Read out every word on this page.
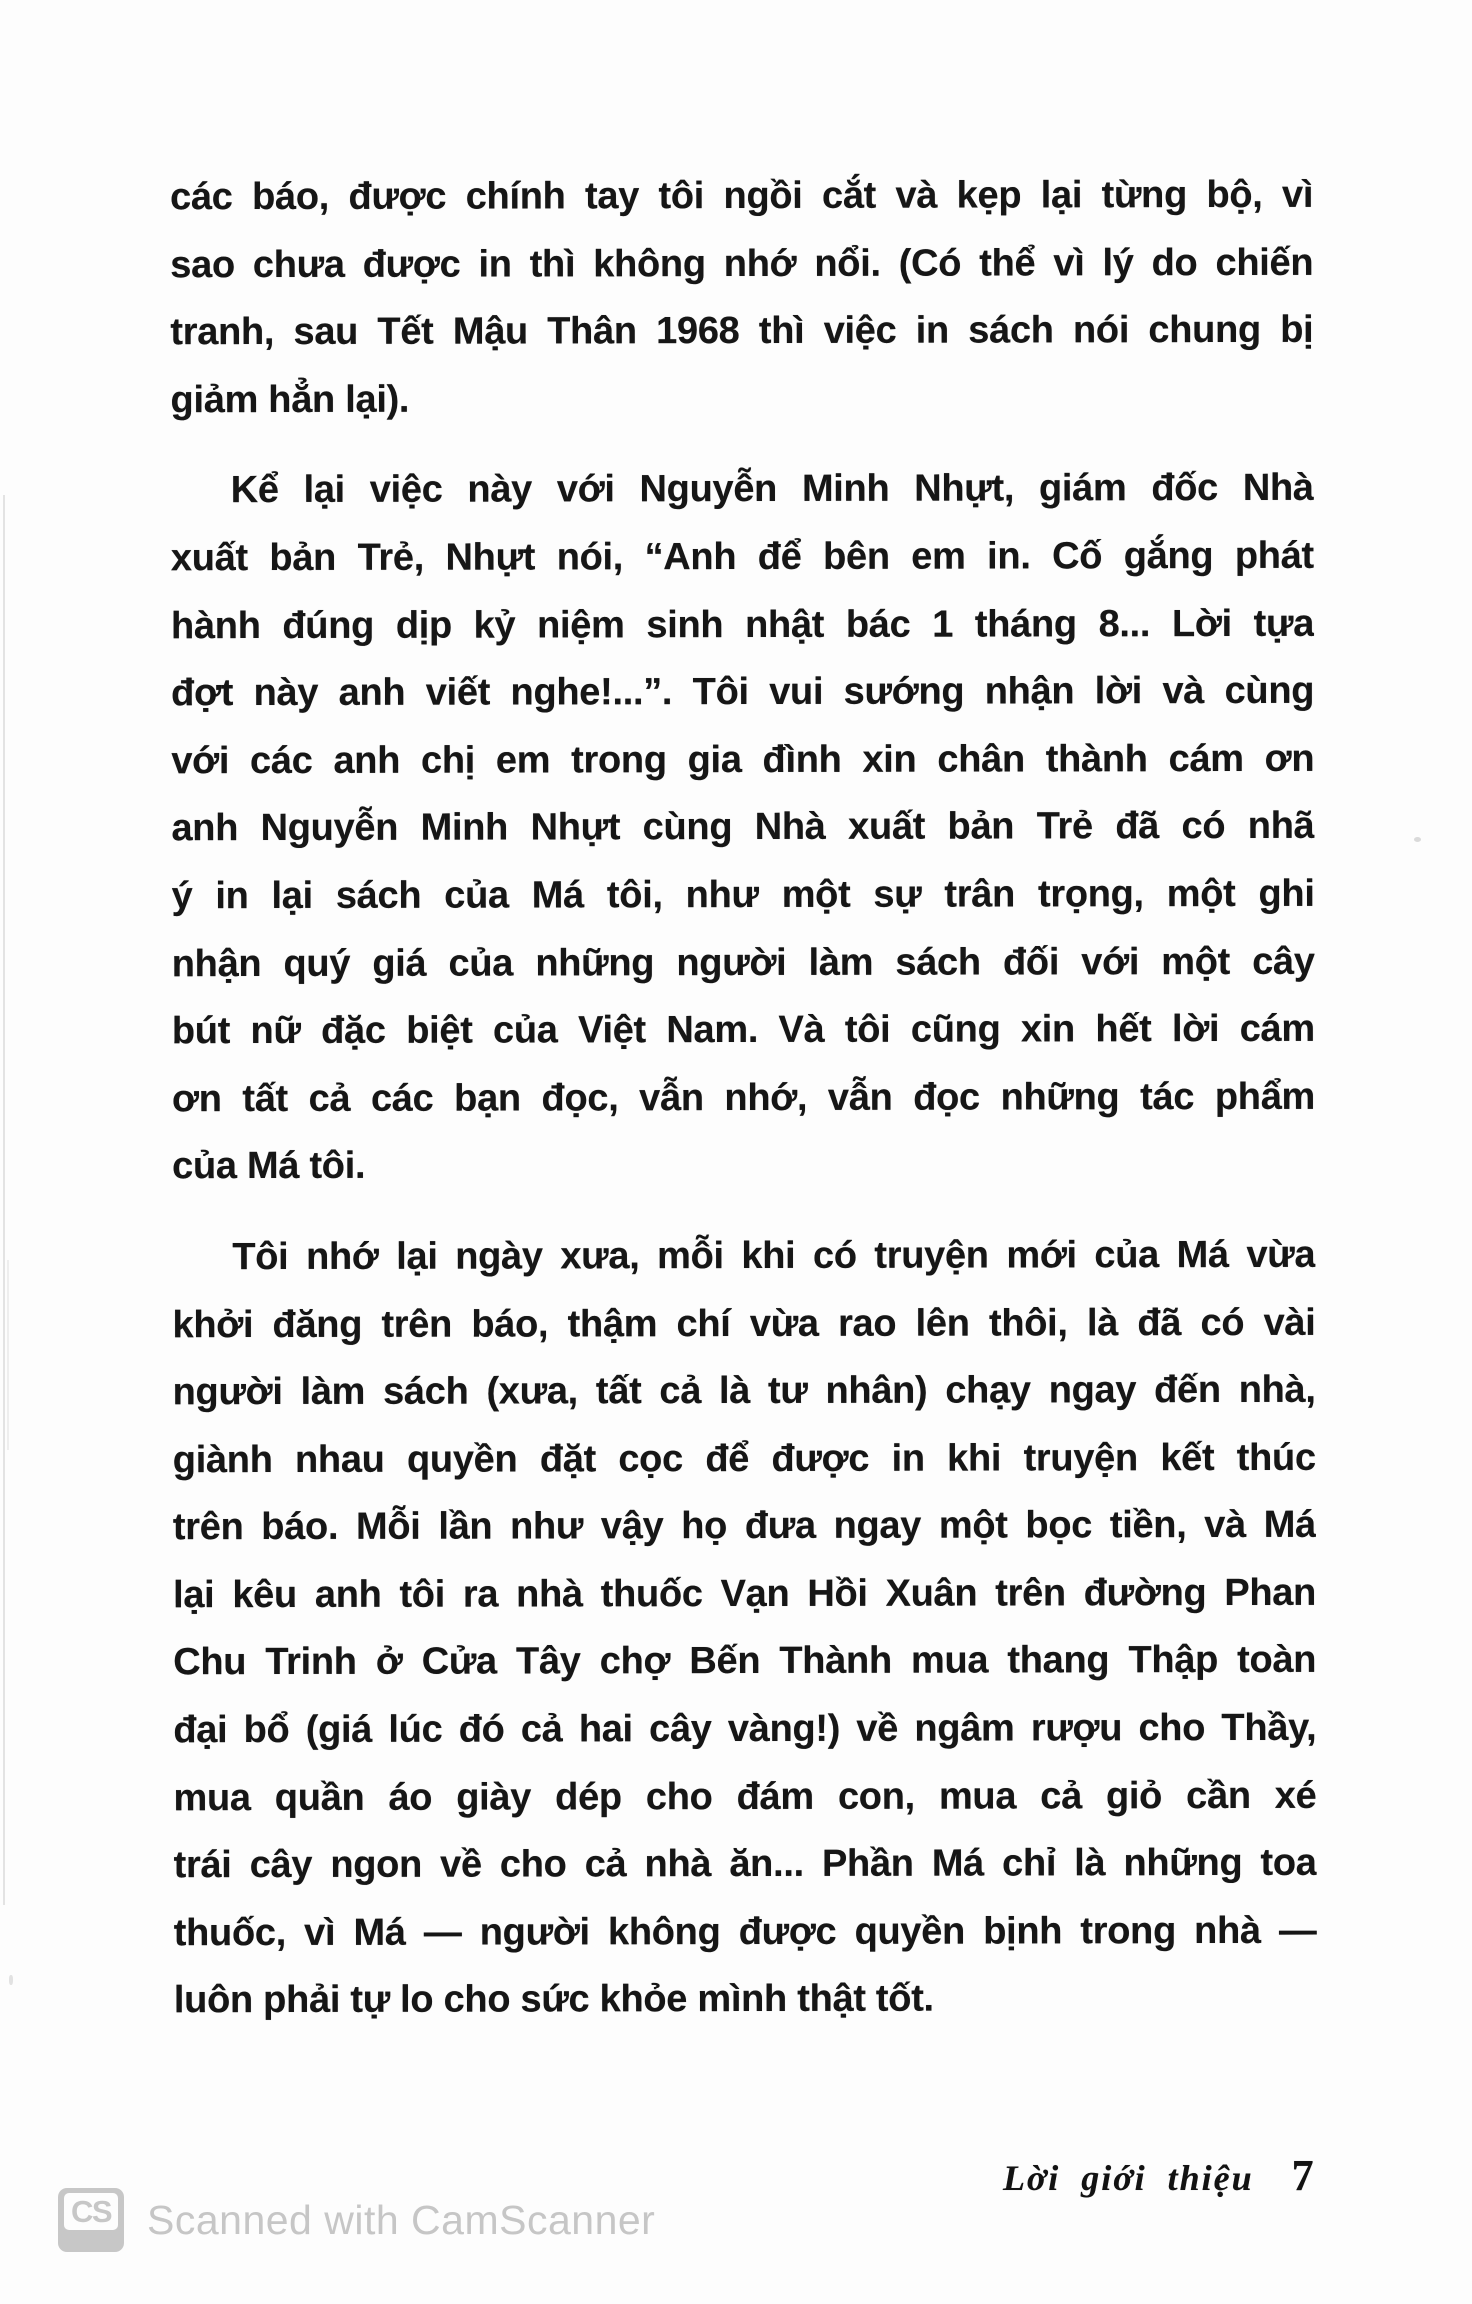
các báo, được chính tay tôi ngồi cắt và kẹp lại từng bộ, vì
sao chưa được in thì không nhớ nổi. (Có thể vì lý do chiến
tranh, sau Tết Mậu Thân 1968 thì việc in sách nói chung bị
giảm hẳn lại).
Kể lại việc này với Nguyễn Minh Nhựt, giám đốc Nhà
xuất bản Trẻ, Nhựt nói, “Anh để bên em in. Cố gắng phát
hành đúng dịp kỷ niệm sinh nhật bác 1 tháng 8... Lời tựa
đợt này anh viết nghe!...”. Tôi vui sướng nhận lời và cùng
với các anh chị em trong gia đình xin chân thành cám ơn
anh Nguyễn Minh Nhựt cùng Nhà xuất bản Trẻ đã có nhã
ý in lại sách của Má tôi, như một sự trân trọng, một ghi
nhận quý giá của những người làm sách đối với một cây
bút nữ đặc biệt của Việt Nam. Và tôi cũng xin hết lời cám
ơn tất cả các bạn đọc, vẫn nhớ, vẫn đọc những tác phẩm
của Má tôi.
Tôi nhớ lại ngày xưa, mỗi khi có truyện mới của Má vừa
khởi đăng trên báo, thậm chí vừa rao lên thôi, là đã có vài
người làm sách (xưa, tất cả là tư nhân) chạy ngay đến nhà,
giành nhau quyền đặt cọc để được in khi truyện kết thúc
trên báo. Mỗi lần như vậy họ đưa ngay một bọc tiền, và Má
lại kêu anh tôi ra nhà thuốc Vạn Hồi Xuân trên đường Phan
Chu Trinh ở Cửa Tây chợ Bến Thành mua thang Thập toàn
đại bổ (giá lúc đó cả hai cây vàng!) về ngâm rượu cho Thầy,
mua quần áo giày dép cho đám con, mua cả giỏ cần xé
trái cây ngon về cho cả nhà ăn... Phần Má chỉ là những toa
thuốc, vì Má — người không được quyền bịnh trong nhà —
luôn phải tự lo cho sức khỏe mình thật tốt.
Lời giới thiệu 7
CS Scanned with CamScanner
